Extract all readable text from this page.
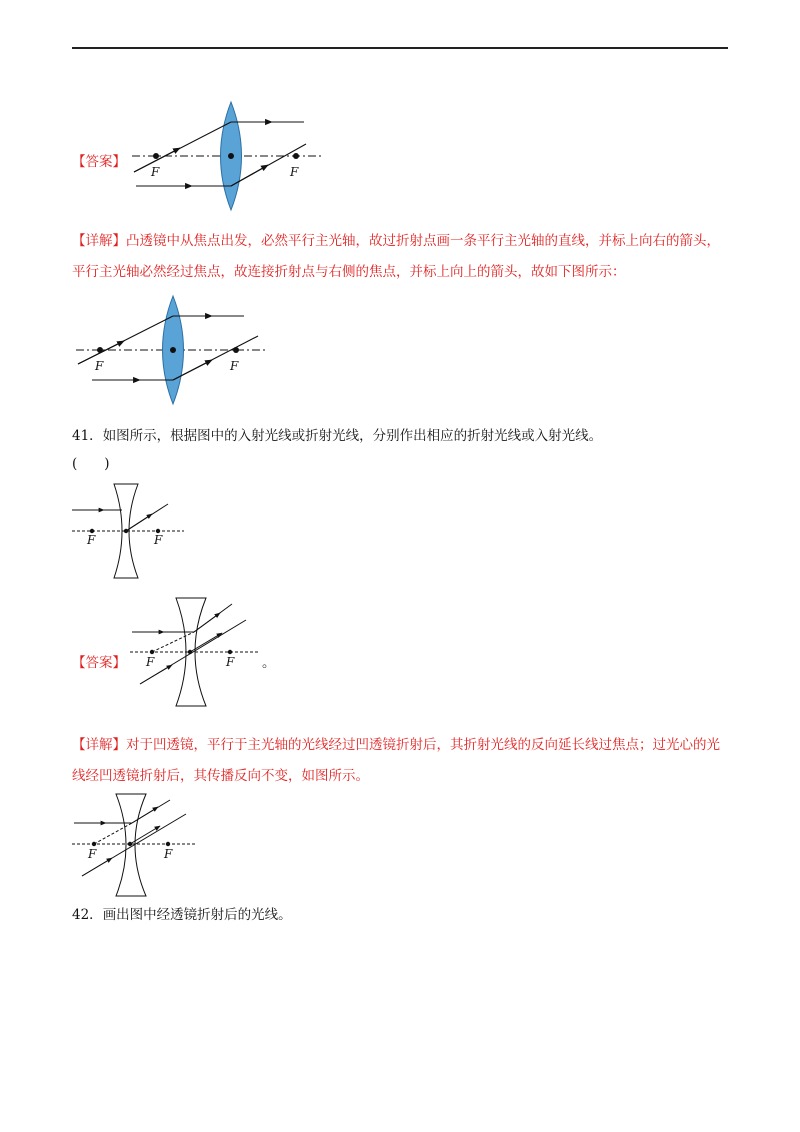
【答案】
F	F
【详解】凸透镜中从焦点出发，必然平行主光轴，故过折射点画一条平行主光轴的直线，并标上向右的箭头，平行主光轴必然经过焦点，故连接折射点与右侧的焦点，并标上向上的箭头，故如下图所示：
F	F
41．如图所示，根据图中的入射光线或折射光线，分别作出相应的折射光线或入射光线。
(　　)
F	F
【答案】 F	F 。
【详解】对于凹透镜，平行于主光轴的光线经过凹透镜折射后，其折射光线的反向延长线过焦点；过光心的光线经凹透镜折射后，其传播反向不变，如图所示。
F	F
42．画出图中经透镜折射后的光线。
